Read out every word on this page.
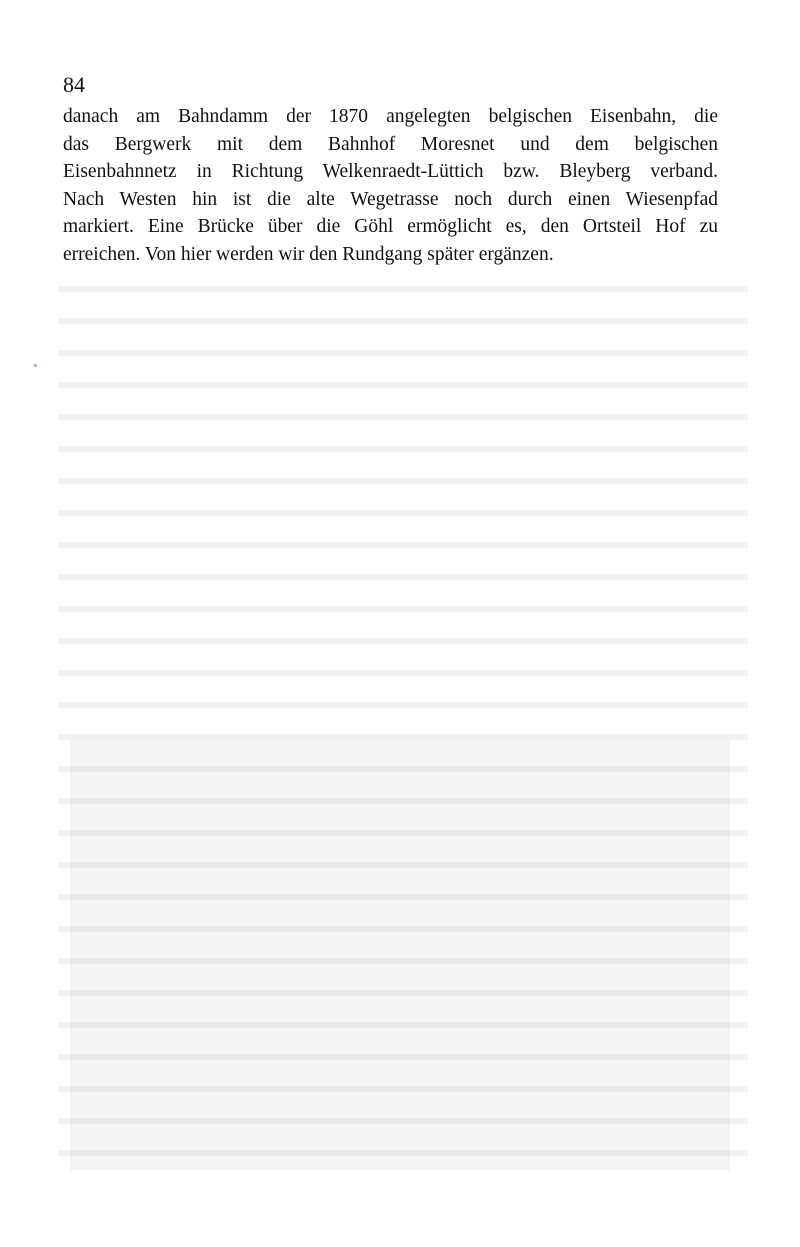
84

danach am Bahndamm der 1870 angelegten belgischen Eisenbahn, die
das Bergwerk mit dem Bahnhof Moresnet und dem belgischen
Eisenbahnnetz in Richtung Welkenraedt-Lüttich bzw. Bleyberg verband.
Nach Westen hin ist die alte Wegetrasse noch durch einen Wiesenpfad
markiert. Eine Brücke über die Göhl ermöglicht es, den Ortsteil Hof zu
erreichen. Von hier werden wir den Rundgang später ergänzen.
